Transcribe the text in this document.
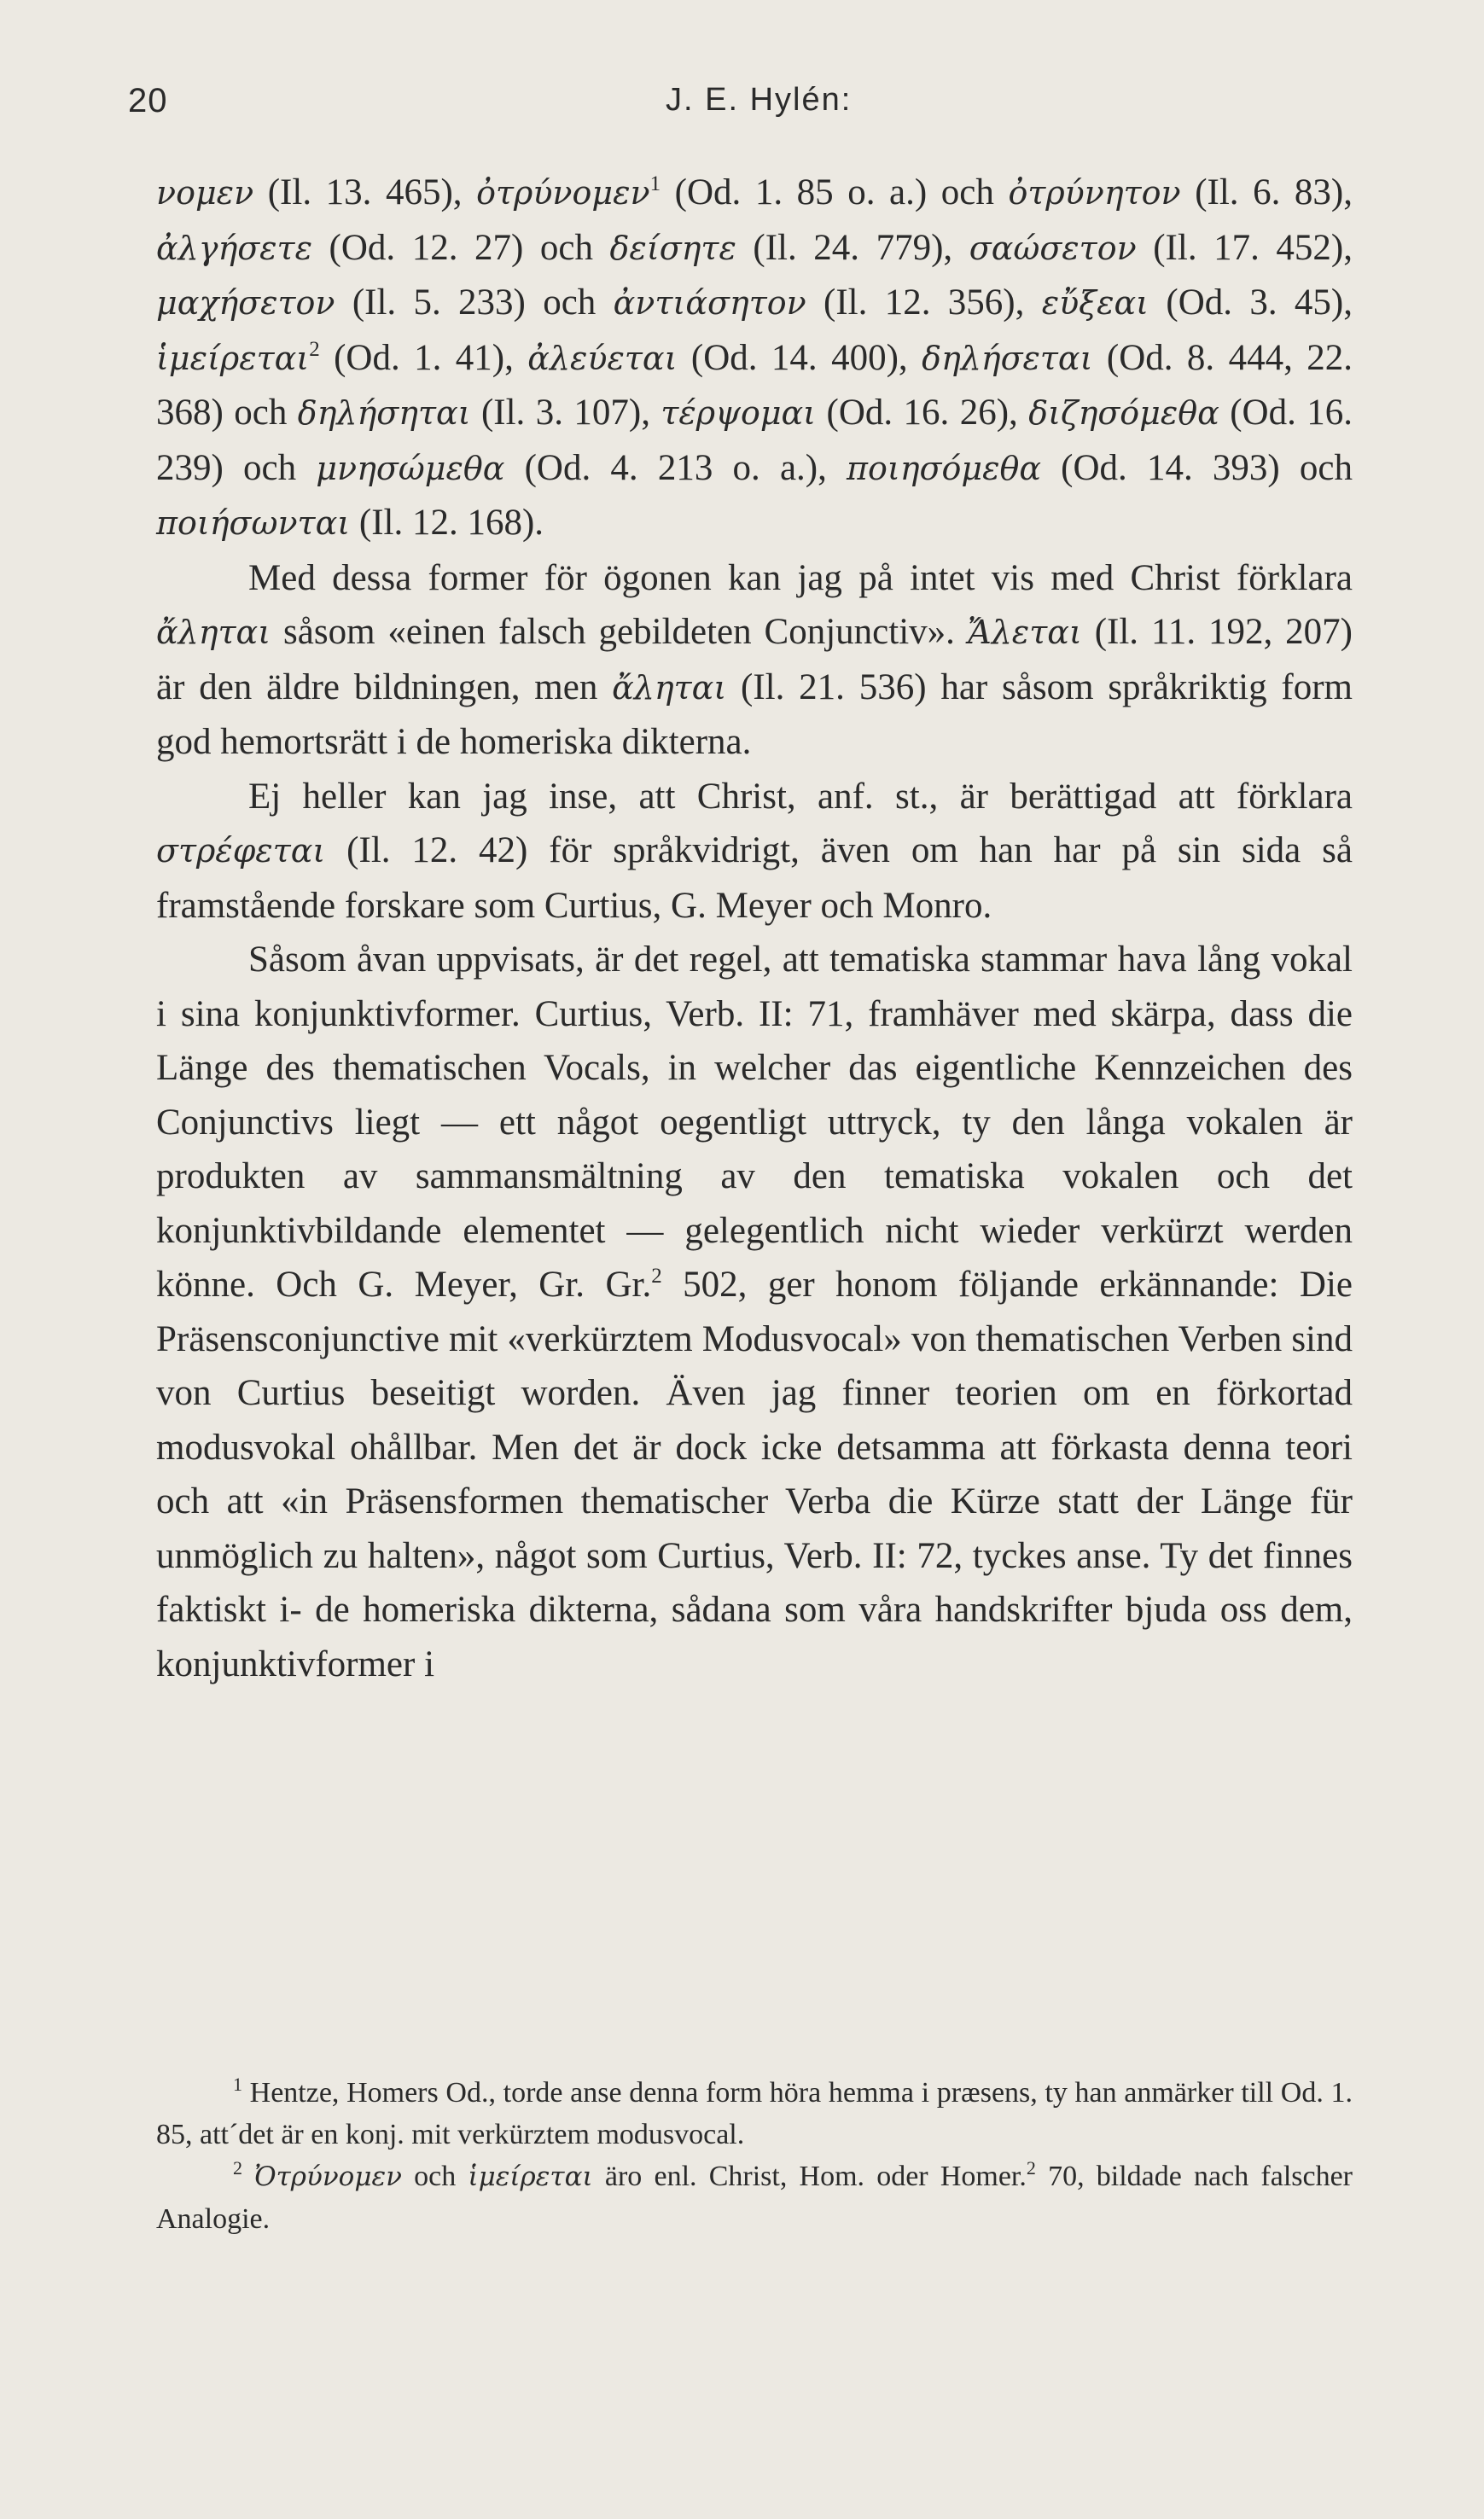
20	J. E. Hylén:

νομεν (Il. 13. 465), ὀτρύνομεν$^1$ (Od. 1. 85 o. a.) och ὀτρύνητον (Il. 6. 83), ἀλγήσετε (Od. 12. 27) och δείσητε (Il. 24. 779), σαώσετον (Il. 17. 452), μαχήσετον (Il. 5. 233) och ἀντιάσητον (Il. 12. 356), εὔξεαι (Od. 3. 45), ἱμείρεται$^2$ (Od. 1. 41), ἀλεύεται (Od. 14. 400), δηλήσεται (Od. 8. 444, 22. 368) och δηλήσηται (Il. 3. 107), τέρψομαι (Od. 16. 26), διζησόμεθα (Od. 16. 239) och μνησώμεθα (Od. 4. 213 o. a.), ποιησόμεθα (Od. 14. 393) och ποιήσωνται (Il. 12. 168).

Med dessa former för ögonen kan jag på intet vis med Christ förklara ἄληται såsom «einen falsch gebildeten Conjunctiv». Ἄλεται (Il. 11. 192, 207) är den äldre bildningen, men ἄληται (Il. 21. 536) har såsom språkriktig form god hemortsrätt i de homeriska dikterna.

Ej heller kan jag inse, att Christ, anf. st., är berättigad att förklara στρέφεται (Il. 12. 42) för språkvidrigt, även om han har på sin sida så framstående forskare som Curtius, G. Meyer och Monro.

Såsom åvan uppvisats, är det regel, att tematiska stammar hava lång vokal i sina konjunktivformer. Curtius, Verb. II: 71, framhäver med skärpa, dass die Länge des thematischen Vocals, in welcher das eigentliche Kennzeichen des Conjunctivs liegt — ett något oegentligt uttryck, ty den långa vokalen är produkten av sammansmältning av den tematiska vokalen och det konjunktivbildande elementet — gelegentlich nicht wieder verkürzt werden könne. Och G. Meyer, Gr. Gr.$^2$ 502, ger honom följande erkännande: Die Präsensconjunctive mit «verkürztem Modusvocal» von thematischen Verben sind von Curtius beseitigt worden. Även jag finner teorien om en förkortad modusvokal ohållbar. Men det är dock icke detsamma att förkasta denna teori och att «in Präsensformen thematischer Verba die Kürze statt der Länge für unmöglich zu halten», något som Curtius, Verb. II: 72, tyckes anse. Ty det finnes faktiskt i- de homeriska dikterna, sådana som våra handskrifter bjuda oss dem, konjunktivformer i

$^1$ Hentze, Homers Od., torde anse denna form höra hemma i præsens, ty han anmärker till Od. 1. 85, att´det är en konj. mit verkürztem modusvocal.

$^2$ Ὀτρύνομεν och ἱμείρεται äro enl. Christ, Hom. oder Homer.$^2$ 70, bildade nach falscher Analogie.
